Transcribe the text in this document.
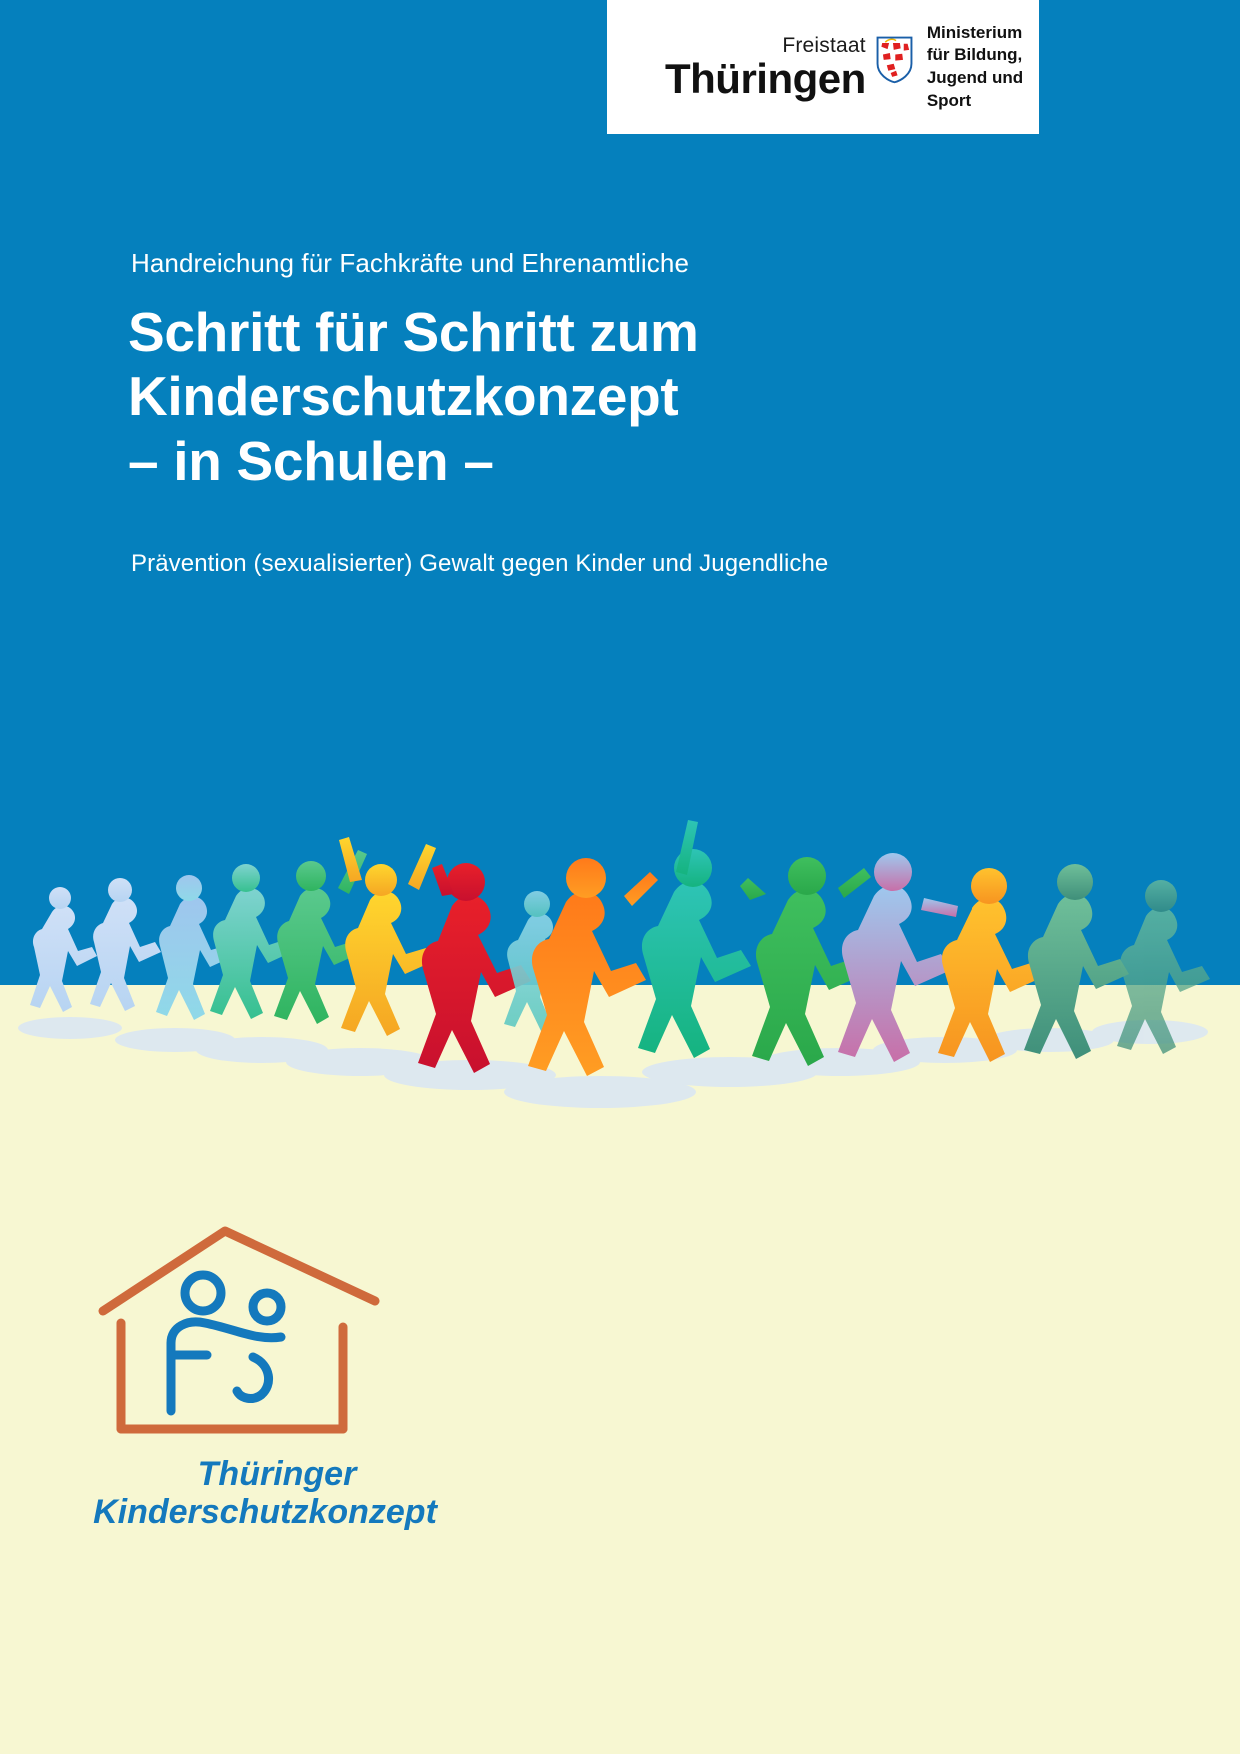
Freistaat
Thüringen
Ministerium
für Bildung,
Jugend und Sport
Handreichung für Fachkräfte und Ehrenamtliche
Schritt für Schritt zum
Kinderschutzkonzept
– in Schulen –
Prävention (sexualisierter) Gewalt gegen Kinder und Jugendliche
Thüringer
Kinderschutzkonzept
